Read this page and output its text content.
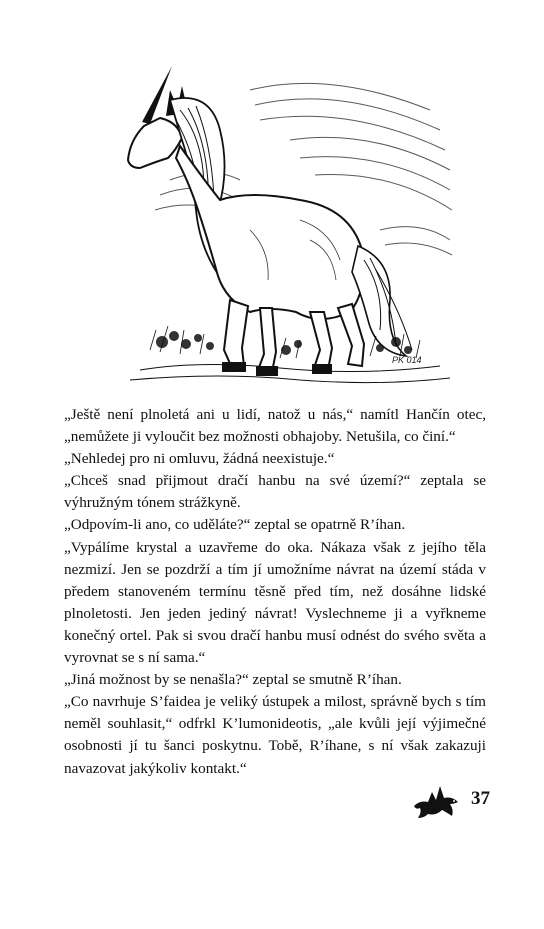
PK 014

„Ještě není plnoletá ani u lidí, natož u nás,“ namítl Hančín otec, „nemůžete ji vyloučit bez možnosti obhajoby. Netušila, co činí.“

„Nehledej pro ni omluvu, žádná neexistuje.“

„Chceš snad přijmout dračí hanbu na své území?“ zeptala se výhružným tónem strážkyně.

„Odpovím-li ano, co uděláte?“ zeptal se opatrně R’íhan.

„Vypálíme krystal a uzavřeme do oka. Nákaza však z jejího těla nezmizí. Jen se pozdrží a tím jí umožníme návrat na území stáda v předem stanoveném termínu těsně před tím, než dosáhne lidské plnoletosti. Jen jeden jediný návrat! Vyslechneme ji a vyřkneme konečný ortel. Pak si svou dračí hanbu musí odnést do svého světa a vyrovnat se s ní sama.“

„Jiná možnost by se nenašla?“ zeptal se smutně R’íhan.

„Co navrhuje S’faidea je veliký ústupek a milost, správně bych s tím neměl souhlasit,“ odfrkl K’lumonideotis, „ale kvůli její výjimečné osobnosti jí tu šanci poskytnu. Tobě, R’íhane, s ní však zakazuji navazovat jakýkoliv kontakt.“

37
